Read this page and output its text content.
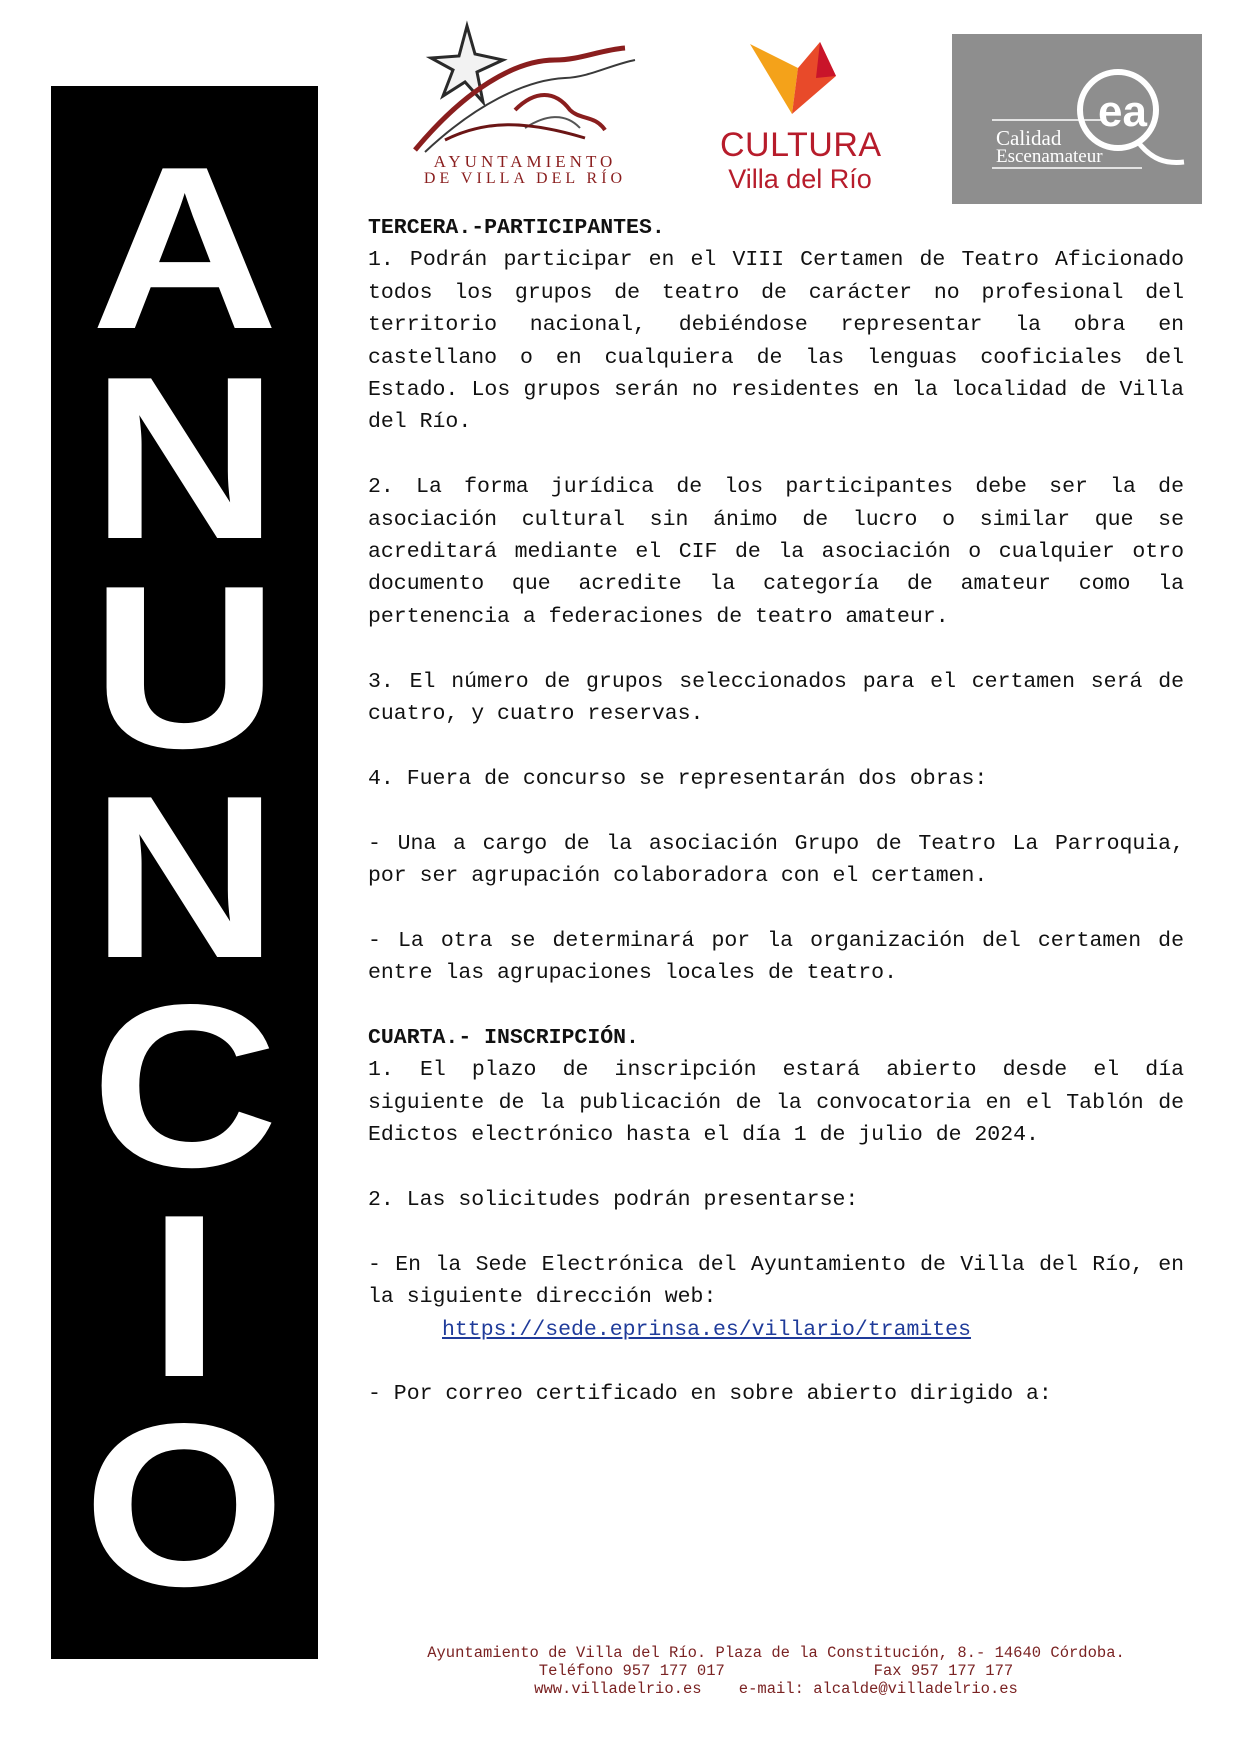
A
N
U
N
C
I
O
AYUNTAMIENTO
DE VILLA DEL RÍO
CULTURA
Villa del Río
ea
Calidad
Escenamateur

TERCERA.-PARTICIPANTES.

1. Podrán participar en el VIII Certamen de Teatro Aficionado todos los grupos de teatro de carácter no profesional del territorio nacional, debiéndose representar la obra en castellano o en cualquiera de las lenguas cooficiales del Estado. Los grupos serán no residentes en la localidad de Villa del Río.

2. La forma jurídica de los participantes debe ser la de asociación cultural sin ánimo de lucro o similar que se acreditará mediante el CIF de la asociación o cualquier otro documento que acredite la categoría de amateur como la pertenencia a federaciones de teatro amateur.

3. El número de grupos seleccionados para el certamen será de cuatro, y cuatro reservas.

4. Fuera de concurso se representarán dos obras:

- Una a cargo de la asociación Grupo de Teatro La Parroquia, por ser agrupación colaboradora con el certamen.

- La otra se determinará por la organización del certamen de entre las agrupaciones locales de teatro.

CUARTA.- INSCRIPCIÓN.

1. El plazo de inscripción estará abierto desde el día siguiente de la publicación de la convocatoria en el Tablón de Edictos electrónico hasta el día 1 de julio de 2024.

2. Las solicitudes podrán presentarse:

- En la Sede Electrónica del Ayuntamiento de Villa del Río, en la siguiente dirección web:

https://sede.eprinsa.es/villario/tramites

- Por correo certificado en sobre abierto dirigido a:

Ayuntamiento de Villa del Río. Plaza de la Constitución, 8.- 14640 Córdoba.
Teléfono 957 177 017	Fax 957 177 177
www.villadelrio.es e-mail: alcalde@villadelrio.es
